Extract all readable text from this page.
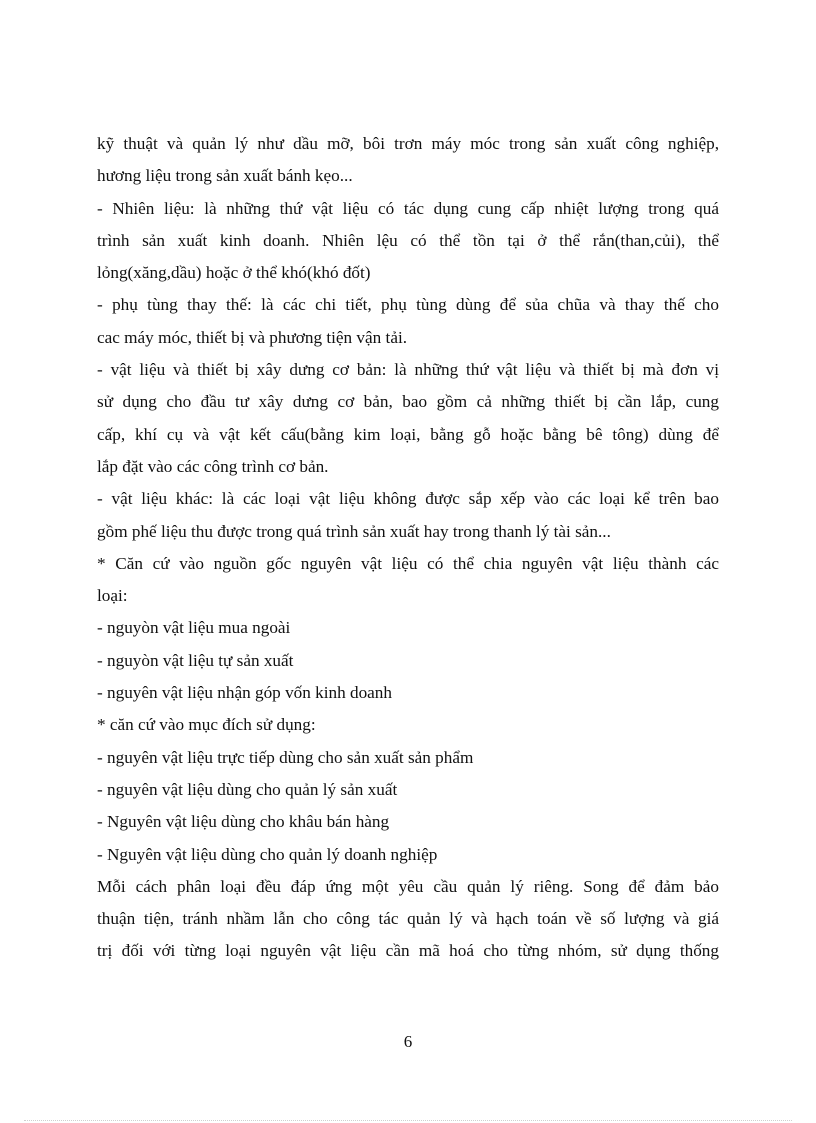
kỹ thuật và quản lý như dầu mỡ, bôi trơn máy móc trong sản xuất công nghiệp,
hương liệu trong sản xuất bánh kẹo...
- Nhiên liệu: là những thứ vật liệu có tác dụng cung cấp nhiệt lượng trong quá
trình sản xuất kinh doanh. Nhiên lệu có thể tồn tại ở thể rắn(than,củi), thể
lỏng(xăng,dầu) hoặc ở thể khó(khó đốt)
- phụ tùng thay thế: là các chi tiết, phụ tùng dùng để sủa chũa và thay thế cho
cac máy móc, thiết bị và phương tiện vận tải.
- vật liệu và thiết bị xây dưng cơ bản: là những thứ vật liệu và thiết bị mà đơn vị
sử dụng cho đầu tư xây dưng cơ bản, bao gồm cả những thiết bị cần lắp, cung
cấp, khí cụ và vật kết cấu(bằng kim loại, bằng gỗ hoặc bằng bê tông) dùng để
lắp đặt vào các công trình cơ bản.
- vật liệu khác: là các loại vật liệu không được sắp xếp vào các loại kể trên bao
gồm phế liệu thu được trong quá trình sản xuất hay trong thanh lý tài sản...
* Căn cứ vào nguồn gốc nguyên vật liệu có thể chia nguyên vật liệu thành các
loại:
- nguyòn vật liệu mua ngoài
- nguyòn vật liệu tự sản xuất
- nguyên vật liệu nhận góp vốn kinh doanh
* căn cứ vào mục đích sử dụng:
- nguyên vật liệu trực tiếp dùng cho sản xuất sản phẩm
- nguyên vật liệu dùng cho quản lý sản xuất
- Nguyên vật liệu dùng cho khâu bán hàng
- Nguyên vật liệu dùng cho quản lý doanh nghiệp
Mỗi cách phân loại đều đáp ứng một yêu cầu quản lý riêng. Song để đảm bảo
thuận tiện, tránh nhầm lẫn cho công tác quản lý và hạch toán về số lượng và giá
trị đối với từng loại nguyên vật liệu cần mã hoá cho từng nhóm, sử dụng thống
6
